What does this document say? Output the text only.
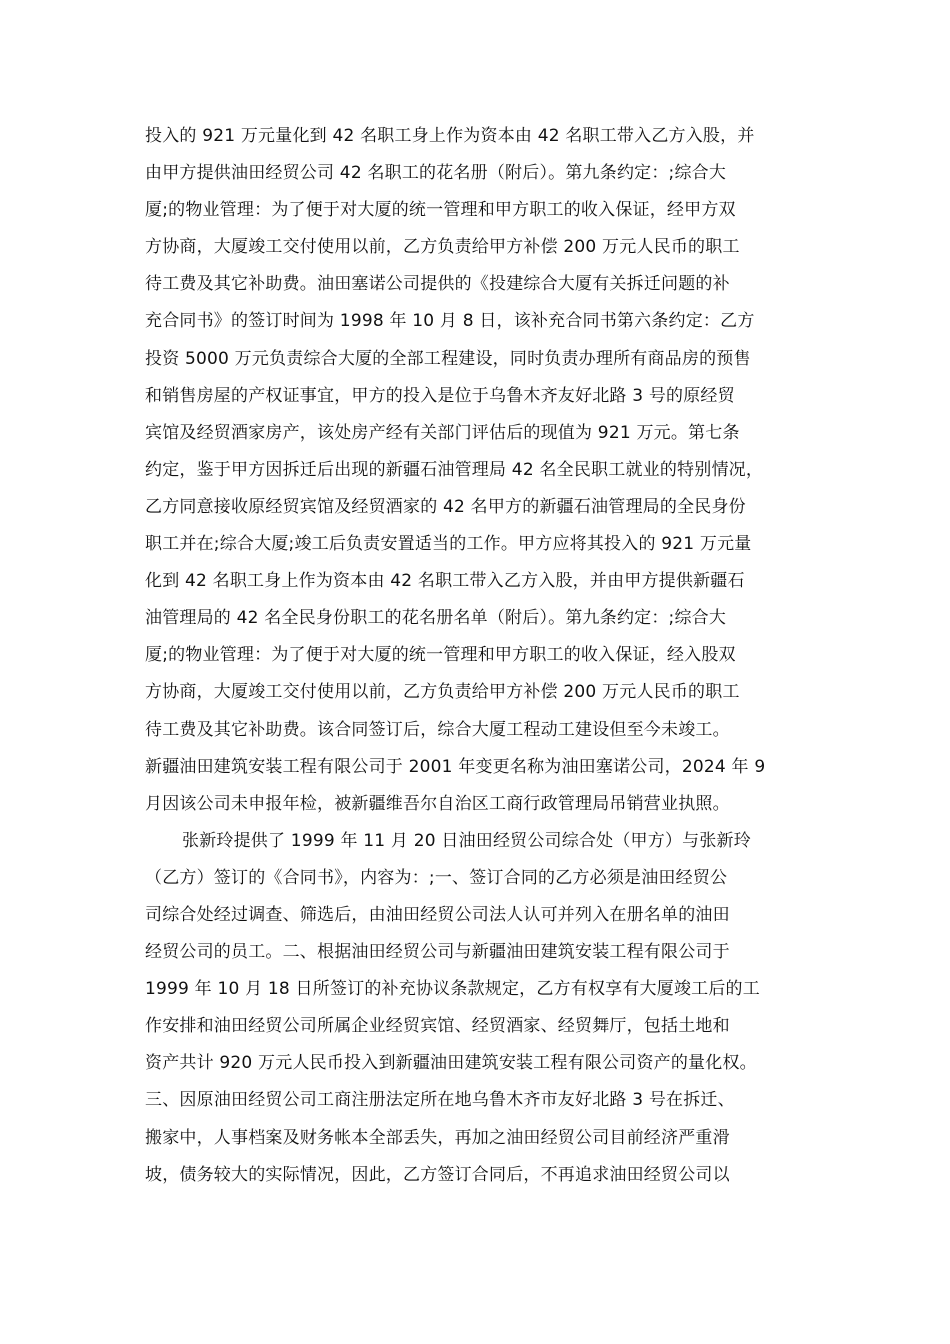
投入的 921 万元量化到 42 名职工身上作为资本由 42 名职工带入乙方入股，并
由甲方提供油田经贸公司 42 名职工的花名册（附后）。第九条约定：;综合大
厦;的物业管理：为了便于对大厦的统一管理和甲方职工的收入保证，经甲方双
方协商，大厦竣工交付使用以前，乙方负责给甲方补偿 200 万元人民币的职工
待工费及其它补助费。油田塞诺公司提供的《投建综合大厦有关拆迁问题的补
充合同书》的签订时间为 1998 年 10 月 8 日，该补充合同书第六条约定：乙方
投资 5000 万元负责综合大厦的全部工程建设，同时负责办理所有商品房的预售
和销售房屋的产权证事宜，甲方的投入是位于乌鲁木齐友好北路 3 号的原经贸
宾馆及经贸酒家房产，该处房产经有关部门评估后的现值为 921 万元。第七条
约定，鉴于甲方因拆迁后出现的新疆石油管理局 42 名全民职工就业的特别情况，
乙方同意接收原经贸宾馆及经贸酒家的 42 名甲方的新疆石油管理局的全民身份
职工并在;综合大厦;竣工后负责安置适当的工作。甲方应将其投入的 921 万元量
化到 42 名职工身上作为资本由 42 名职工带入乙方入股，并由甲方提供新疆石
油管理局的 42 名全民身份职工的花名册名单（附后）。第九条约定：;综合大
厦;的物业管理：为了便于对大厦的统一管理和甲方职工的收入保证，经入股双
方协商，大厦竣工交付使用以前，乙方负责给甲方补偿 200 万元人民币的职工
待工费及其它补助费。该合同签订后，综合大厦工程动工建设但至今未竣工。
新疆油田建筑安装工程有限公司于 2001 年变更名称为油田塞诺公司，2024 年 9
月因该公司未申报年检，被新疆维吾尔自治区工商行政管理局吊销营业执照。
张新玲提供了 1999 年 11 月 20 日油田经贸公司综合处（甲方）与张新玲
（乙方）签订的《合同书》，内容为：;一、签订合同的乙方必须是油田经贸公
司综合处经过调查、筛选后，由油田经贸公司法人认可并列入在册名单的油田
经贸公司的员工。二、根据油田经贸公司与新疆油田建筑安装工程有限公司于
1999 年 10 月 18 日所签订的补充协议条款规定，乙方有权享有大厦竣工后的工
作安排和油田经贸公司所属企业经贸宾馆、经贸酒家、经贸舞厅，包括土地和
资产共计 920 万元人民币投入到新疆油田建筑安装工程有限公司资产的量化权。
三、因原油田经贸公司工商注册法定所在地乌鲁木齐市友好北路 3 号在拆迁、
搬家中，人事档案及财务帐本全部丢失，再加之油田经贸公司目前经济严重滑
坡，债务较大的实际情况，因此，乙方签订合同后，不再追求油田经贸公司以
